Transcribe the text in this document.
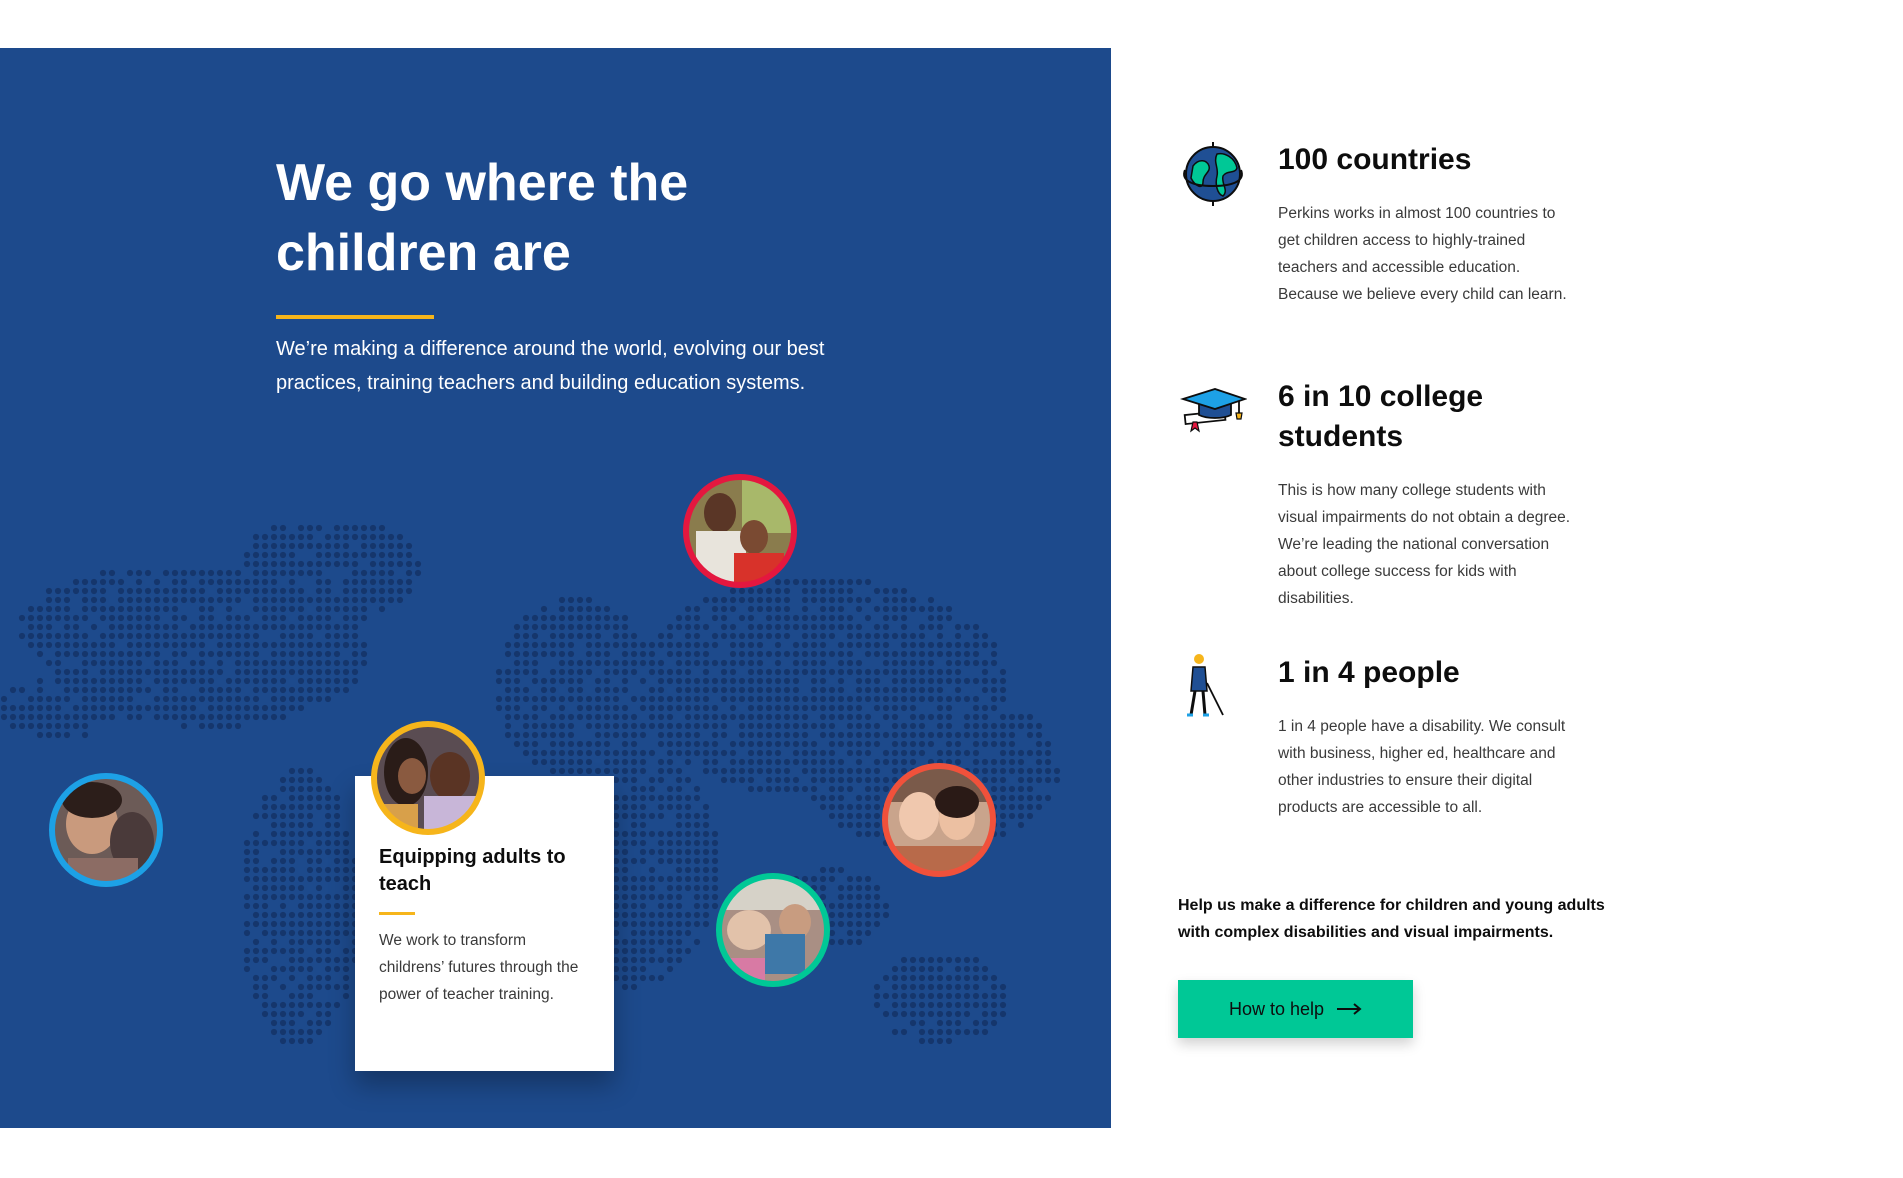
We go where the children are

We’re making a difference around the world, evolving our best practices, training teachers and building education systems.

Equipping adults to teach

We work to transform childrens’ futures through the power of teacher training.

100 countries

Perkins works in almost 100 countries to get children access to highly-trained teachers and accessible education. Because we believe every child can learn.

6 in 10 college students

This is how many college students with visual impairments do not obtain a degree. We’re leading the national conversation about college success for kids with disabilities.

1 in 4 people

1 in 4 people have a disability. We consult with business, higher ed, healthcare and other industries to ensure their digital products are accessible to all.

Help us make a difference for children and young adults with complex disabilities and visual impairments.

How to help
